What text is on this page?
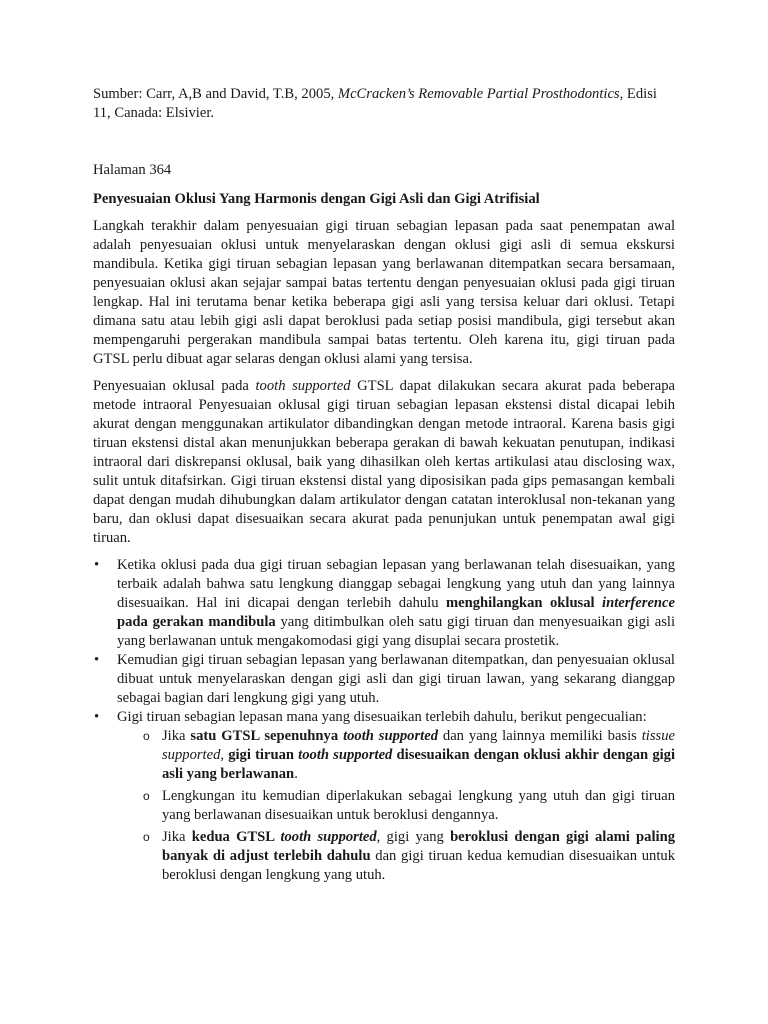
Sumber: Carr, A,B and David, T.B, 2005, McCracken’s Removable Partial Prosthodontics, Edisi 11, Canada: Elsivier.

Halaman 364

Penyesuaian Oklusi Yang Harmonis dengan Gigi Asli dan Gigi Atrifisial

Langkah terakhir dalam penyesuaian gigi tiruan sebagian lepasan pada saat penempatan awal adalah penyesuaian oklusi untuk menyelaraskan dengan oklusi gigi asli di semua ekskursi mandibula. Ketika gigi tiruan sebagian lepasan yang berlawanan ditempatkan secara bersamaan, penyesuaian oklusi akan sejajar sampai batas tertentu dengan penyesuaian oklusi pada gigi tiruan lengkap. Hal ini terutama benar ketika beberapa gigi asli yang tersisa keluar dari oklusi. Tetapi dimana satu atau lebih gigi asli dapat beroklusi pada setiap posisi mandibula, gigi tersebut akan mempengaruhi pergerakan mandibula sampai batas tertentu. Oleh karena itu, gigi tiruan pada GTSL perlu dibuat agar selaras dengan oklusi alami yang tersisa.

Penyesuaian oklusal pada tooth supported GTSL dapat dilakukan secara akurat pada beberapa metode intraoral Penyesuaian oklusal gigi tiruan sebagian lepasan ekstensi distal dicapai lebih akurat dengan menggunakan artikulator dibandingkan dengan metode intraoral. Karena basis gigi tiruan ekstensi distal akan menunjukkan beberapa gerakan di bawah kekuatan penutupan, indikasi intraoral dari diskrepansi oklusal, baik yang dihasilkan oleh kertas artikulasi atau disclosing wax, sulit untuk ditafsirkan. Gigi tiruan ekstensi distal yang diposisikan pada gips pemasangan kembali dapat dengan mudah dihubungkan dalam artikulator dengan catatan interoklusal non-tekanan yang baru, dan oklusi dapat disesuaikan secara akurat pada penunjukan untuk penempatan awal gigi tiruan.

• Ketika oklusi pada dua gigi tiruan sebagian lepasan yang berlawanan telah disesuaikan, yang terbaik adalah bahwa satu lengkung dianggap sebagai lengkung yang utuh dan yang lainnya disesuaikan. Hal ini dicapai dengan terlebih dahulu menghilangkan oklusal interference pada gerakan mandibula yang ditimbulkan oleh satu gigi tiruan dan menyesuaikan gigi asli yang berlawanan untuk mengakomodasi gigi yang disuplai secara prostetik.
• Kemudian gigi tiruan sebagian lepasan yang berlawanan ditempatkan, dan penyesuaian oklusal dibuat untuk menyelaraskan dengan gigi asli dan gigi tiruan lawan, yang sekarang dianggap sebagai bagian dari lengkung gigi yang utuh.
• Gigi tiruan sebagian lepasan mana yang disesuaikan terlebih dahulu, berikut pengecualian:
o Jika satu GTSL sepenuhnya tooth supported dan yang lainnya memiliki basis tissue supported, gigi tiruan tooth supported disesuaikan dengan oklusi akhir dengan gigi asli yang berlawanan.
o Lengkungan itu kemudian diperlakukan sebagai lengkung yang utuh dan gigi tiruan yang berlawanan disesuaikan untuk beroklusi dengannya.
o Jika kedua GTSL tooth supported, gigi yang beroklusi dengan gigi alami paling banyak di adjust terlebih dahulu dan gigi tiruan kedua kemudian disesuaikan untuk beroklusi dengan lengkung yang utuh.
